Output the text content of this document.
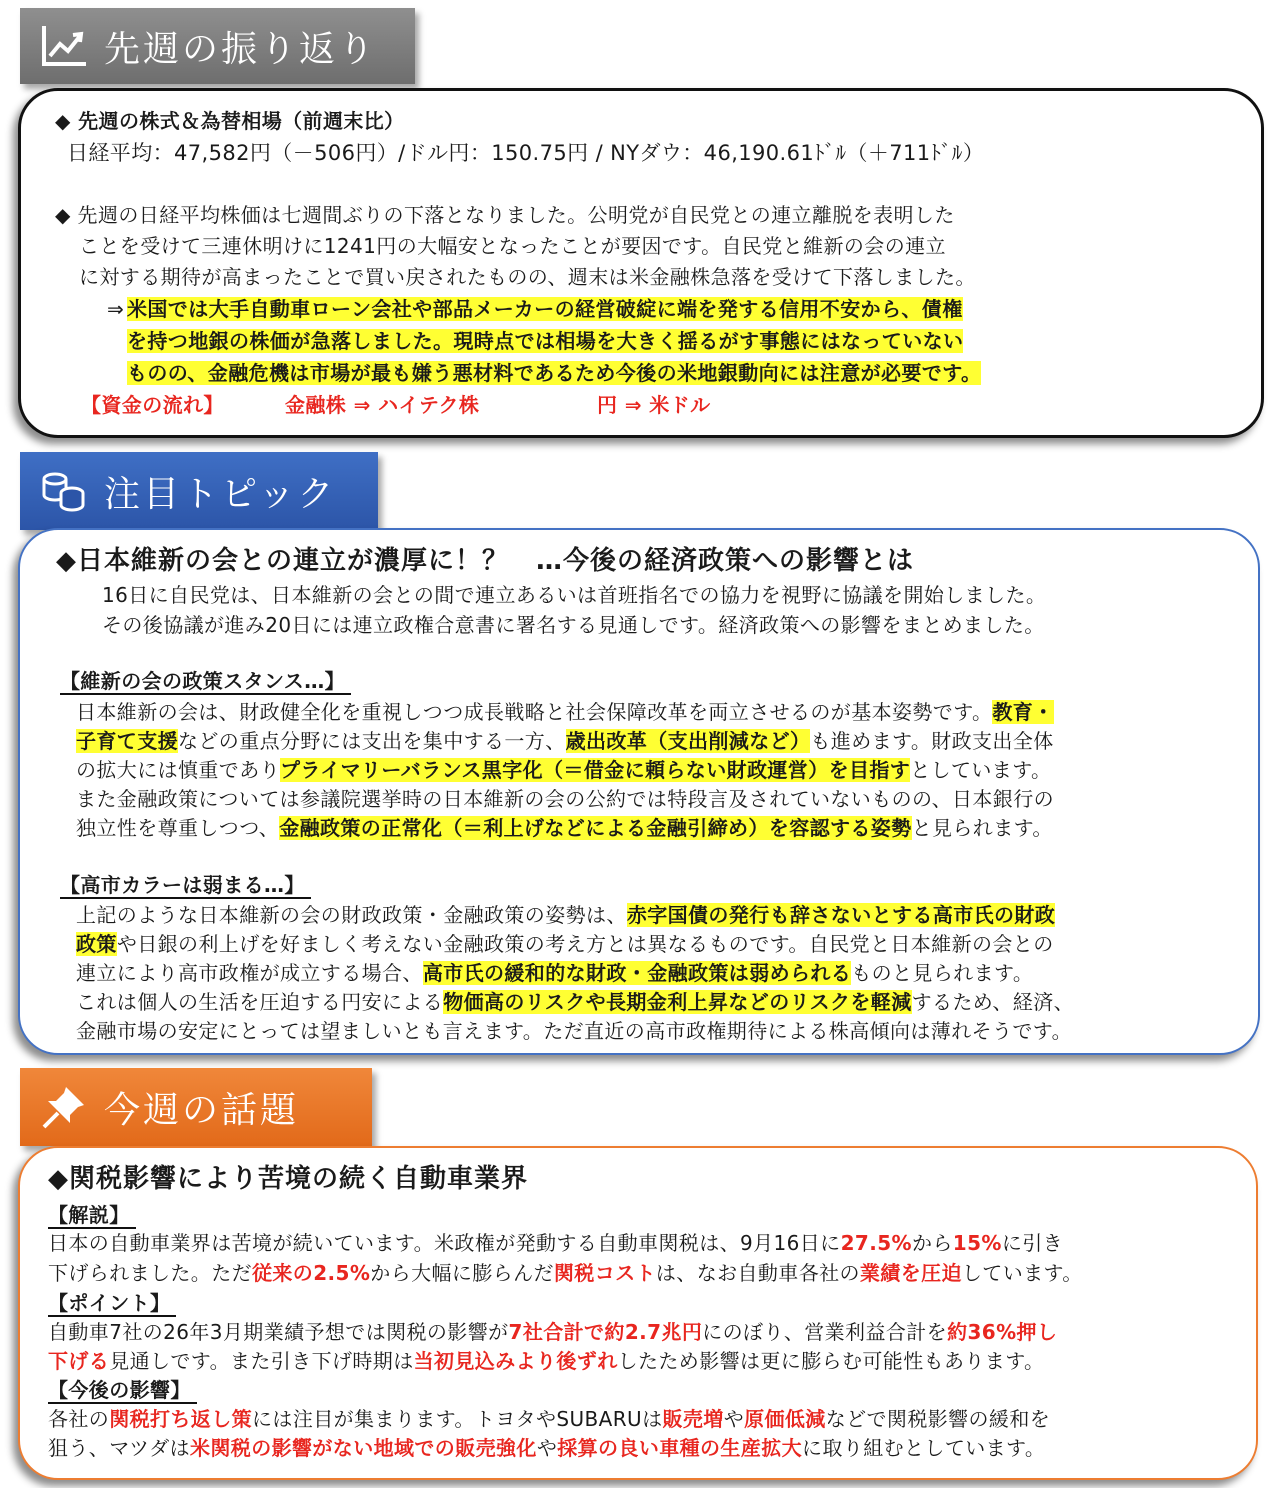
先週の振り返り
◆ 先週の株式＆為替相場（前週末比）
日経平均：47,582円（－506円）/ドル円：150.75円 / NYダウ：46,190.61ﾄﾞﾙ（＋711ﾄﾞﾙ）
◆ 先週の日経平均株価は七週間ぶりの下落となりました。公明党が自民党との連立離脱を表明した
ことを受けて三連休明けに1241円の大幅安となったことが要因です。自民党と維新の会の連立
に対する期待が高まったことで買い戻されたものの、週末は米金融株急落を受けて下落しました。
⇒ 米国では大手自動車ローン会社や部品メーカーの経営破綻に端を発する信用不安から、債権
を持つ地銀の株価が急落しました。現時点では相場を大きく揺るがす事態にはなっていない
ものの、金融危機は市場が最も嫌う悪材料であるため今後の米地銀動向には注意が必要です。
【資金の流れ】	金融株 ⇒ ハイテク株	円 ⇒ 米ドル
注目トピック
◆日本維新の会との連立が濃厚に！？　…今後の経済政策への影響とは
16日に自民党は、日本維新の会との間で連立あるいは首班指名での協力を視野に協議を開始しました。
その後協議が進み20日には連立政権合意書に署名する見通しです。経済政策への影響をまとめました。
【維新の会の政策スタンス…】
日本維新の会は、財政健全化を重視しつつ成長戦略と社会保障改革を両立させるのが基本姿勢です。教育・
子育て支援などの重点分野には支出を集中する一方、歳出改革（支出削減など）も進めます。財政支出全体
の拡大には慎重でありプライマリーバランス黒字化（＝借金に頼らない財政運営）を目指すとしています。
また金融政策については参議院選挙時の日本維新の会の公約では特段言及されていないものの、日本銀行の
独立性を尊重しつつ、金融政策の正常化（＝利上げなどによる金融引締め）を容認する姿勢と見られます。
【高市カラーは弱まる…】
上記のような日本維新の会の財政政策・金融政策の姿勢は、赤字国債の発行も辞さないとする高市氏の財政
政策や日銀の利上げを好ましく考えない金融政策の考え方とは異なるものです。自民党と日本維新の会との
連立により高市政権が成立する場合、高市氏の緩和的な財政・金融政策は弱められるものと見られます。
これは個人の生活を圧迫する円安による物価高のリスクや長期金利上昇などのリスクを軽減するため、経済、
金融市場の安定にとっては望ましいとも言えます。ただ直近の高市政権期待による株高傾向は薄れそうです。
今週の話題
◆関税影響により苦境の続く自動車業界
【解説】
日本の自動車業界は苦境が続いています。米政権が発動する自動車関税は、9月16日に27.5%から15%に引き
下げられました。ただ従来の2.5%から大幅に膨らんだ関税コストは、なお自動車各社の業績を圧迫しています。
【ポイント】
自動車7社の26年3月期業績予想では関税の影響が7社合計で約2.7兆円にのぼり、営業利益合計を約36%押し
下げる見通しです。また引き下げ時期は当初見込みより後ずれしたため影響は更に膨らむ可能性もあります。
【今後の影響】
各社の関税打ち返し策には注目が集まります。トヨタやSUBARUは販売増や原価低減などで関税影響の緩和を
狙う、マツダは米関税の影響がない地域での販売強化や採算の良い車種の生産拡大に取り組むとしています。
